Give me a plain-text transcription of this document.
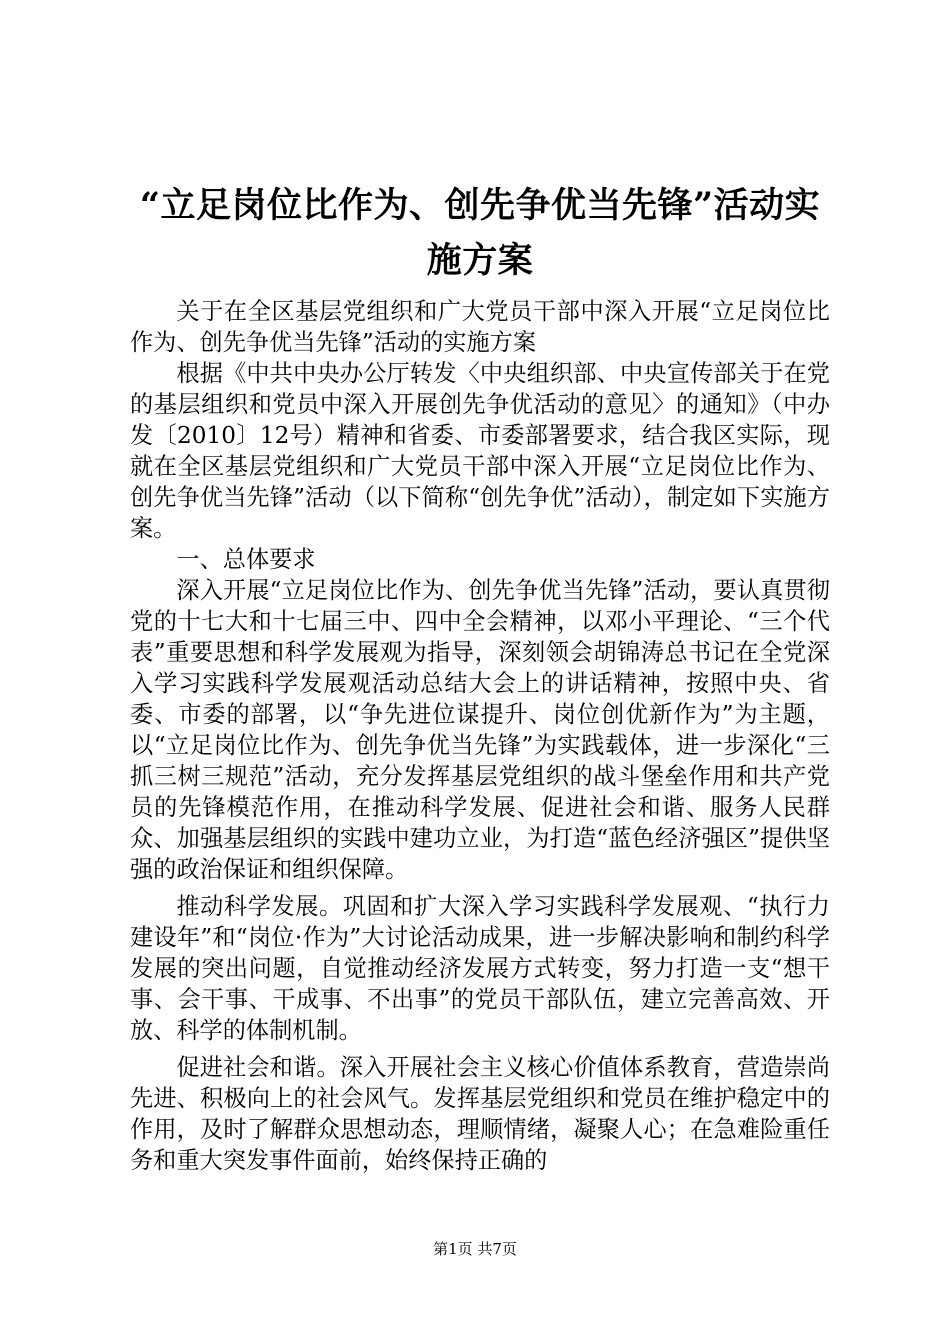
“立足岗位比作为、创先争优当先锋”活动实施方案

关于在全区基层党组织和广大党员干部中深入开展“立足岗位比作为、创先争优当先锋”活动的实施方案

根据《中共中央办公厅转发〈中央组织部、中央宣传部关于在党的基层组织和党员中深入开展创先争优活动的意见〉的通知》（中办发〔2010〕12号）精神和省委、市委部署要求，结合我区实际，现就在全区基层党组织和广大党员干部中深入开展“立足岗位比作为、创先争优当先锋”活动（以下简称“创先争优”活动），制定如下实施方案。

一、总体要求

深入开展“立足岗位比作为、创先争优当先锋”活动，要认真贯彻党的十七大和十七届三中、四中全会精神，以邓小平理论、“三个代表”重要思想和科学发展观为指导，深刻领会胡锦涛总书记在全党深入学习实践科学发展观活动总结大会上的讲话精神，按照中央、省委、市委的部署，以“争先进位谋提升、岗位创优新作为”为主题，以“立足岗位比作为、创先争优当先锋”为实践载体，进一步深化“三抓三树三规范”活动，充分发挥基层党组织的战斗堡垒作用和共产党员的先锋模范作用，在推动科学发展、促进社会和谐、服务人民群众、加强基层组织的实践中建功立业，为打造“蓝色经济强区”提供坚强的政治保证和组织保障。

推动科学发展。巩固和扩大深入学习实践科学发展观、“执行力建设年”和“岗位·作为”大讨论活动成果，进一步解决影响和制约科学发展的突出问题，自觉推动经济发展方式转变，努力打造一支“想干事、会干事、干成事、不出事”的党员干部队伍，建立完善高效、开放、科学的体制机制。

促进社会和谐。深入开展社会主义核心价值体系教育，营造崇尚先进、积极向上的社会风气。发挥基层党组织和党员在维护稳定中的作用，及时了解群众思想动态，理顺情绪，凝聚人心；在急难险重任务和重大突发事件面前，始终保持正确的

第1页 共7页
